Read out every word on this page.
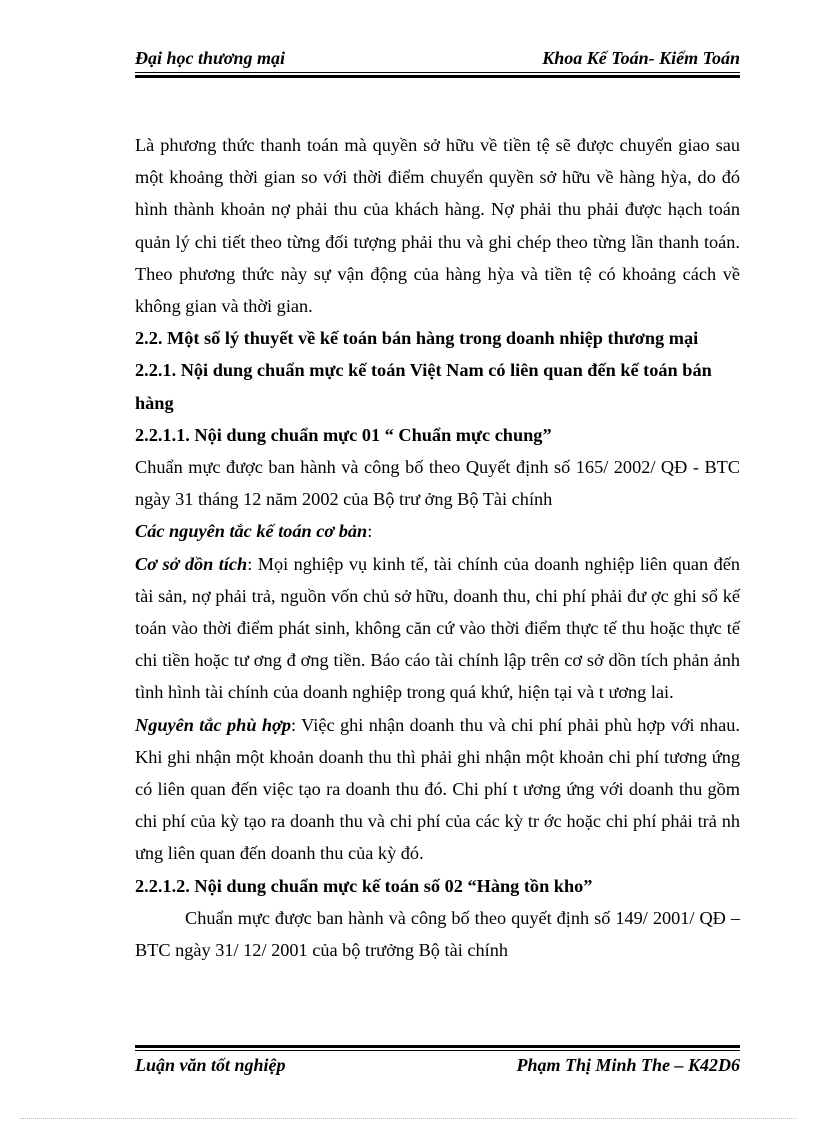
Đại học thương mại	Khoa Kế Toán- Kiểm Toán

Là phương thức thanh toán mà quyền sở hữu về tiền tệ sẽ được chuyển giao sau một khoảng thời gian so với thời điểm chuyển quyền sở hữu về hàng hỳa, do đó hình thành khoản nợ phải thu của khách hàng. Nợ phải thu phải được hạch toán quản lý chi tiết theo từng đối tượng phải thu và ghi chép theo từng lần thanh toán. Theo phương thức này sự vận động của hàng hỳa và tiền tệ có khoảng cách về không gian và thời gian.

2.2. Một số lý thuyết về kế toán bán hàng trong doanh nhiệp thương mại

2.2.1. Nội dung chuẩn mực kế toán Việt Nam có liên quan đến kế toán bán hàng

2.2.1.1. Nội dung chuẩn mực 01 “ Chuẩn mực chung”

Chuẩn mực được ban hành và công bố theo Quyết định số 165/ 2002/ QĐ - BTC ngày 31 tháng 12 năm 2002 của Bộ trư ởng Bộ Tài chính

Các nguyên tắc kế toán cơ bản:

Cơ sở dồn tích: Mọi nghiệp vụ kinh tế, tài chính của doanh nghiệp liên quan đến tài sản, nợ phải trả, nguồn vốn chủ sở hữu, doanh thu, chi phí phải đư ợc ghi sổ kế toán vào thời điểm phát sinh, không căn cứ vào thời điểm thực tế thu hoặc thực tế chi tiền hoặc tư ơng đ ơng tiền. Báo cáo tài chính lập trên cơ sở dồn tích phản ảnh tình hình tài chính của doanh nghiệp trong quá khứ, hiện tại và t ương lai.

Nguyên tắc phù hợp: Việc ghi nhận doanh thu và chi phí phải phù hợp với nhau. Khi ghi nhận một khoản doanh thu thì phải ghi nhận một khoản chi phí tương ứng có liên quan đến việc tạo ra doanh thu đó. Chi phí t ương ứng với doanh thu gồm chi phí của kỳ tạo ra doanh thu và chi phí của các kỳ tr ớc hoặc chi phí phải trả nh ưng liên quan đến doanh thu của kỳ đó.

2.2.1.2. Nội dung chuẩn mực kế toán số 02 “Hàng tồn kho”

Chuẩn mực được ban hành và công bố theo quyết định số 149/ 2001/ QĐ – BTC ngày 31/ 12/ 2001 của bộ trưởng Bộ tài chính

Luận văn tốt nghiệp	Phạm Thị Minh The – K42D6
